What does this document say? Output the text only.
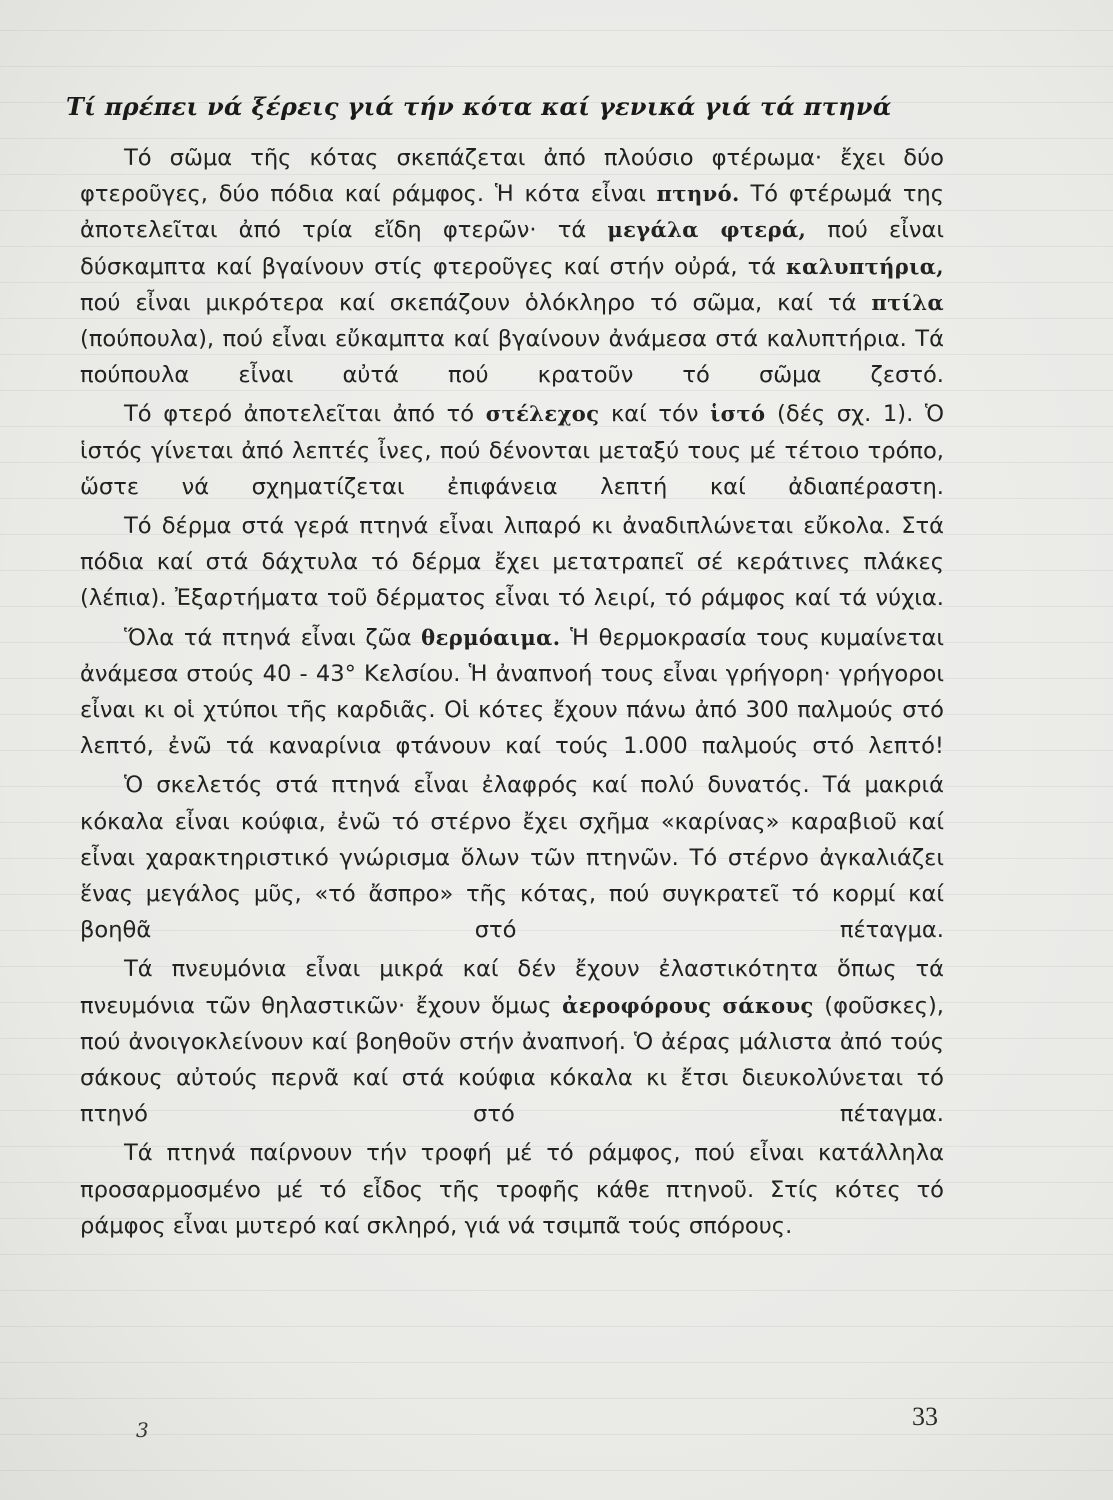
Τί πρέπει νά ξέρεις γιά τήν κότα καί γενικά γιά τά πτηνά

Τό σῶμα τῆς κότας σκεπάζεται ἀπό πλούσιο φτέρωμα· ἔχει δύο φτεροῦγες, δύο πόδια καί ράμφος. Ἡ κότα εἶναι πτηνό. Τό φτέρωμά της ἀποτελεῖται ἀπό τρία εἴδη φτερῶν· τά μεγάλα φτερά, πού εἶναι δύσκαμπτα καί βγαίνουν στίς φτεροῦγες καί στήν οὐρά, τά καλυπτήρια, πού εἶναι μικρότερα καί σκεπάζουν ὁλόκληρο τό σῶμα, καί τά πτίλα (πούπουλα), πού εἶναι εὔκαμπτα καί βγαίνουν ἀνάμεσα στά καλυπτήρια. Τά πούπουλα εἶναι αὐτά πού κρατοῦν τό σῶμα ζεστό.

Τό φτερό ἀποτελεῖται ἀπό τό στέλεχος καί τόν ἱστό (δές σχ. 1). Ὁ ἱστός γίνεται ἀπό λεπτές ἶνες, πού δένονται μεταξύ τους μέ τέτοιο τρόπο, ὥστε νά σχηματίζεται ἐπιφάνεια λεπτή καί ἀδιαπέραστη.

Τό δέρμα στά γερά πτηνά εἶναι λιπαρό κι ἀναδιπλώνεται εὔκολα. Στά πόδια καί στά δάχτυλα τό δέρμα ἔχει μετατραπεῖ σέ κεράτινες πλάκες (λέπια). Ἐξαρτήματα τοῦ δέρματος εἶναι τό λειρί, τό ράμφος καί τά νύχια.

Ὅλα τά πτηνά εἶναι ζῶα θερμόαιμα. Ἡ θερμοκρασία τους κυμαίνεται ἀνάμεσα στούς 40 - 43° Κελσίου. Ἡ ἀναπνοή τους εἶναι γρήγορη· γρήγοροι εἶναι κι οἱ χτύποι τῆς καρδιᾶς. Οἱ κότες ἔχουν πάνω ἀπό 300 παλμούς στό λεπτό, ἐνῶ τά καναρίνια φτάνουν καί τούς 1.000 παλμούς στό λεπτό!

Ὁ σκελετός στά πτηνά εἶναι ἐλαφρός καί πολύ δυνατός. Τά μακριά κόκαλα εἶναι κούφια, ἐνῶ τό στέρνο ἔχει σχῆμα «καρίνας» καραβιοῦ καί εἶναι χαρακτηριστικό γνώρισμα ὅλων τῶν πτηνῶν. Τό στέρνο ἀγκαλιάζει ἕνας μεγάλος μῦς, «τό ἄσπρο» τῆς κότας, πού συγκρατεῖ τό κορμί καί βοηθᾶ στό πέταγμα.

Τά πνευμόνια εἶναι μικρά καί δέν ἔχουν ἐλαστικότητα ὅπως τά πνευμόνια τῶν θηλαστικῶν· ἔχουν ὅμως ἀεροφόρους σάκους (φοῦσκες), πού ἀνοιγοκλείνουν καί βοηθοῦν στήν ἀναπνοή. Ὁ ἀέρας μάλιστα ἀπό τούς σάκους αὐτούς περνᾶ καί στά κούφια κόκαλα κι ἔτσι διευκολύνεται τό πτηνό στό πέταγμα.

Τά πτηνά παίρνουν τήν τροφή μέ τό ράμφος, πού εἶναι κατάλληλα προσαρμοσμένο μέ τό εἶδος τῆς τροφῆς κάθε πτηνοῦ. Στίς κότες τό ράμφος εἶναι μυτερό καί σκληρό, γιά νά τσιμπᾶ τούς σπόρους.

3	33
